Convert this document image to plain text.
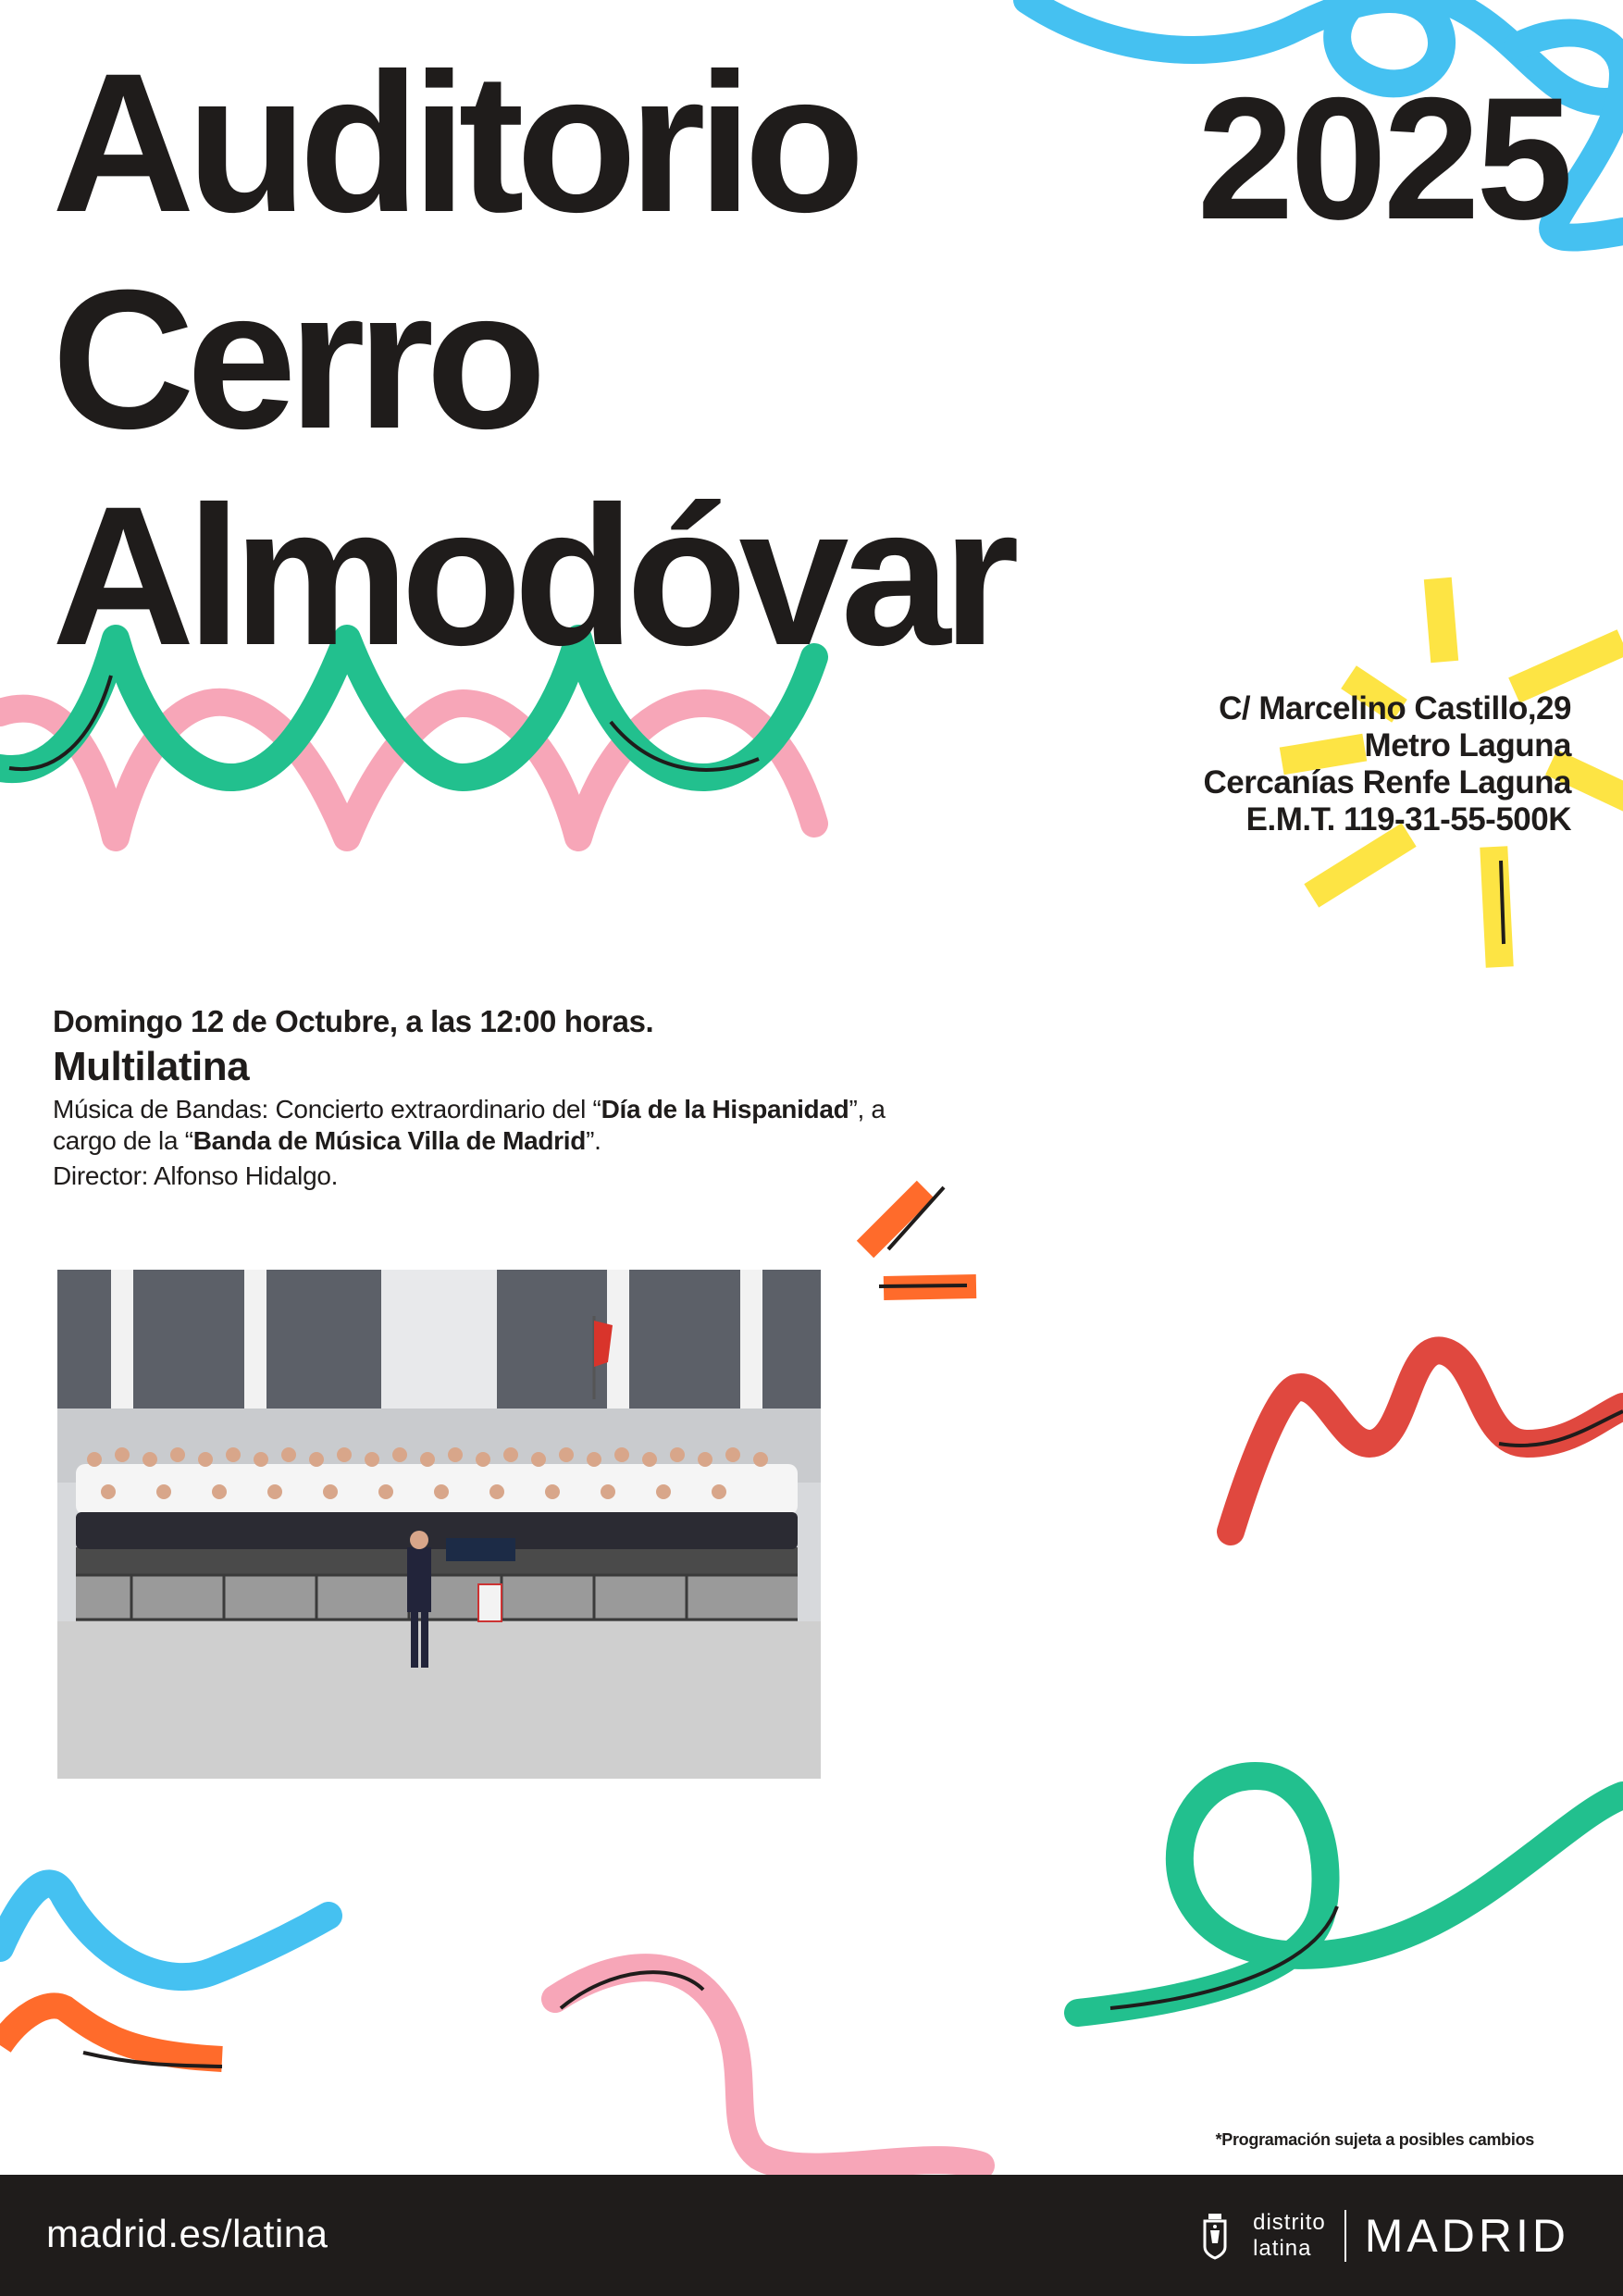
Auditorio
Cerro
Almodóvar
2025
C/ Marcelino Castillo,29
Metro Laguna
Cercanías Renfe Laguna
E.M.T. 119-31-55-500K
Domingo 12 de Octubre, a las 12:00 horas.
Multilatina
Música de Bandas: Concierto extraordinario del “Día de la Hispanidad”, a cargo de la “Banda de Música Villa de Madrid”.
Director: Alfonso Hidalgo.
*Programación sujeta a posibles cambios
madrid.es/latina	distrito
latina	MADRID
